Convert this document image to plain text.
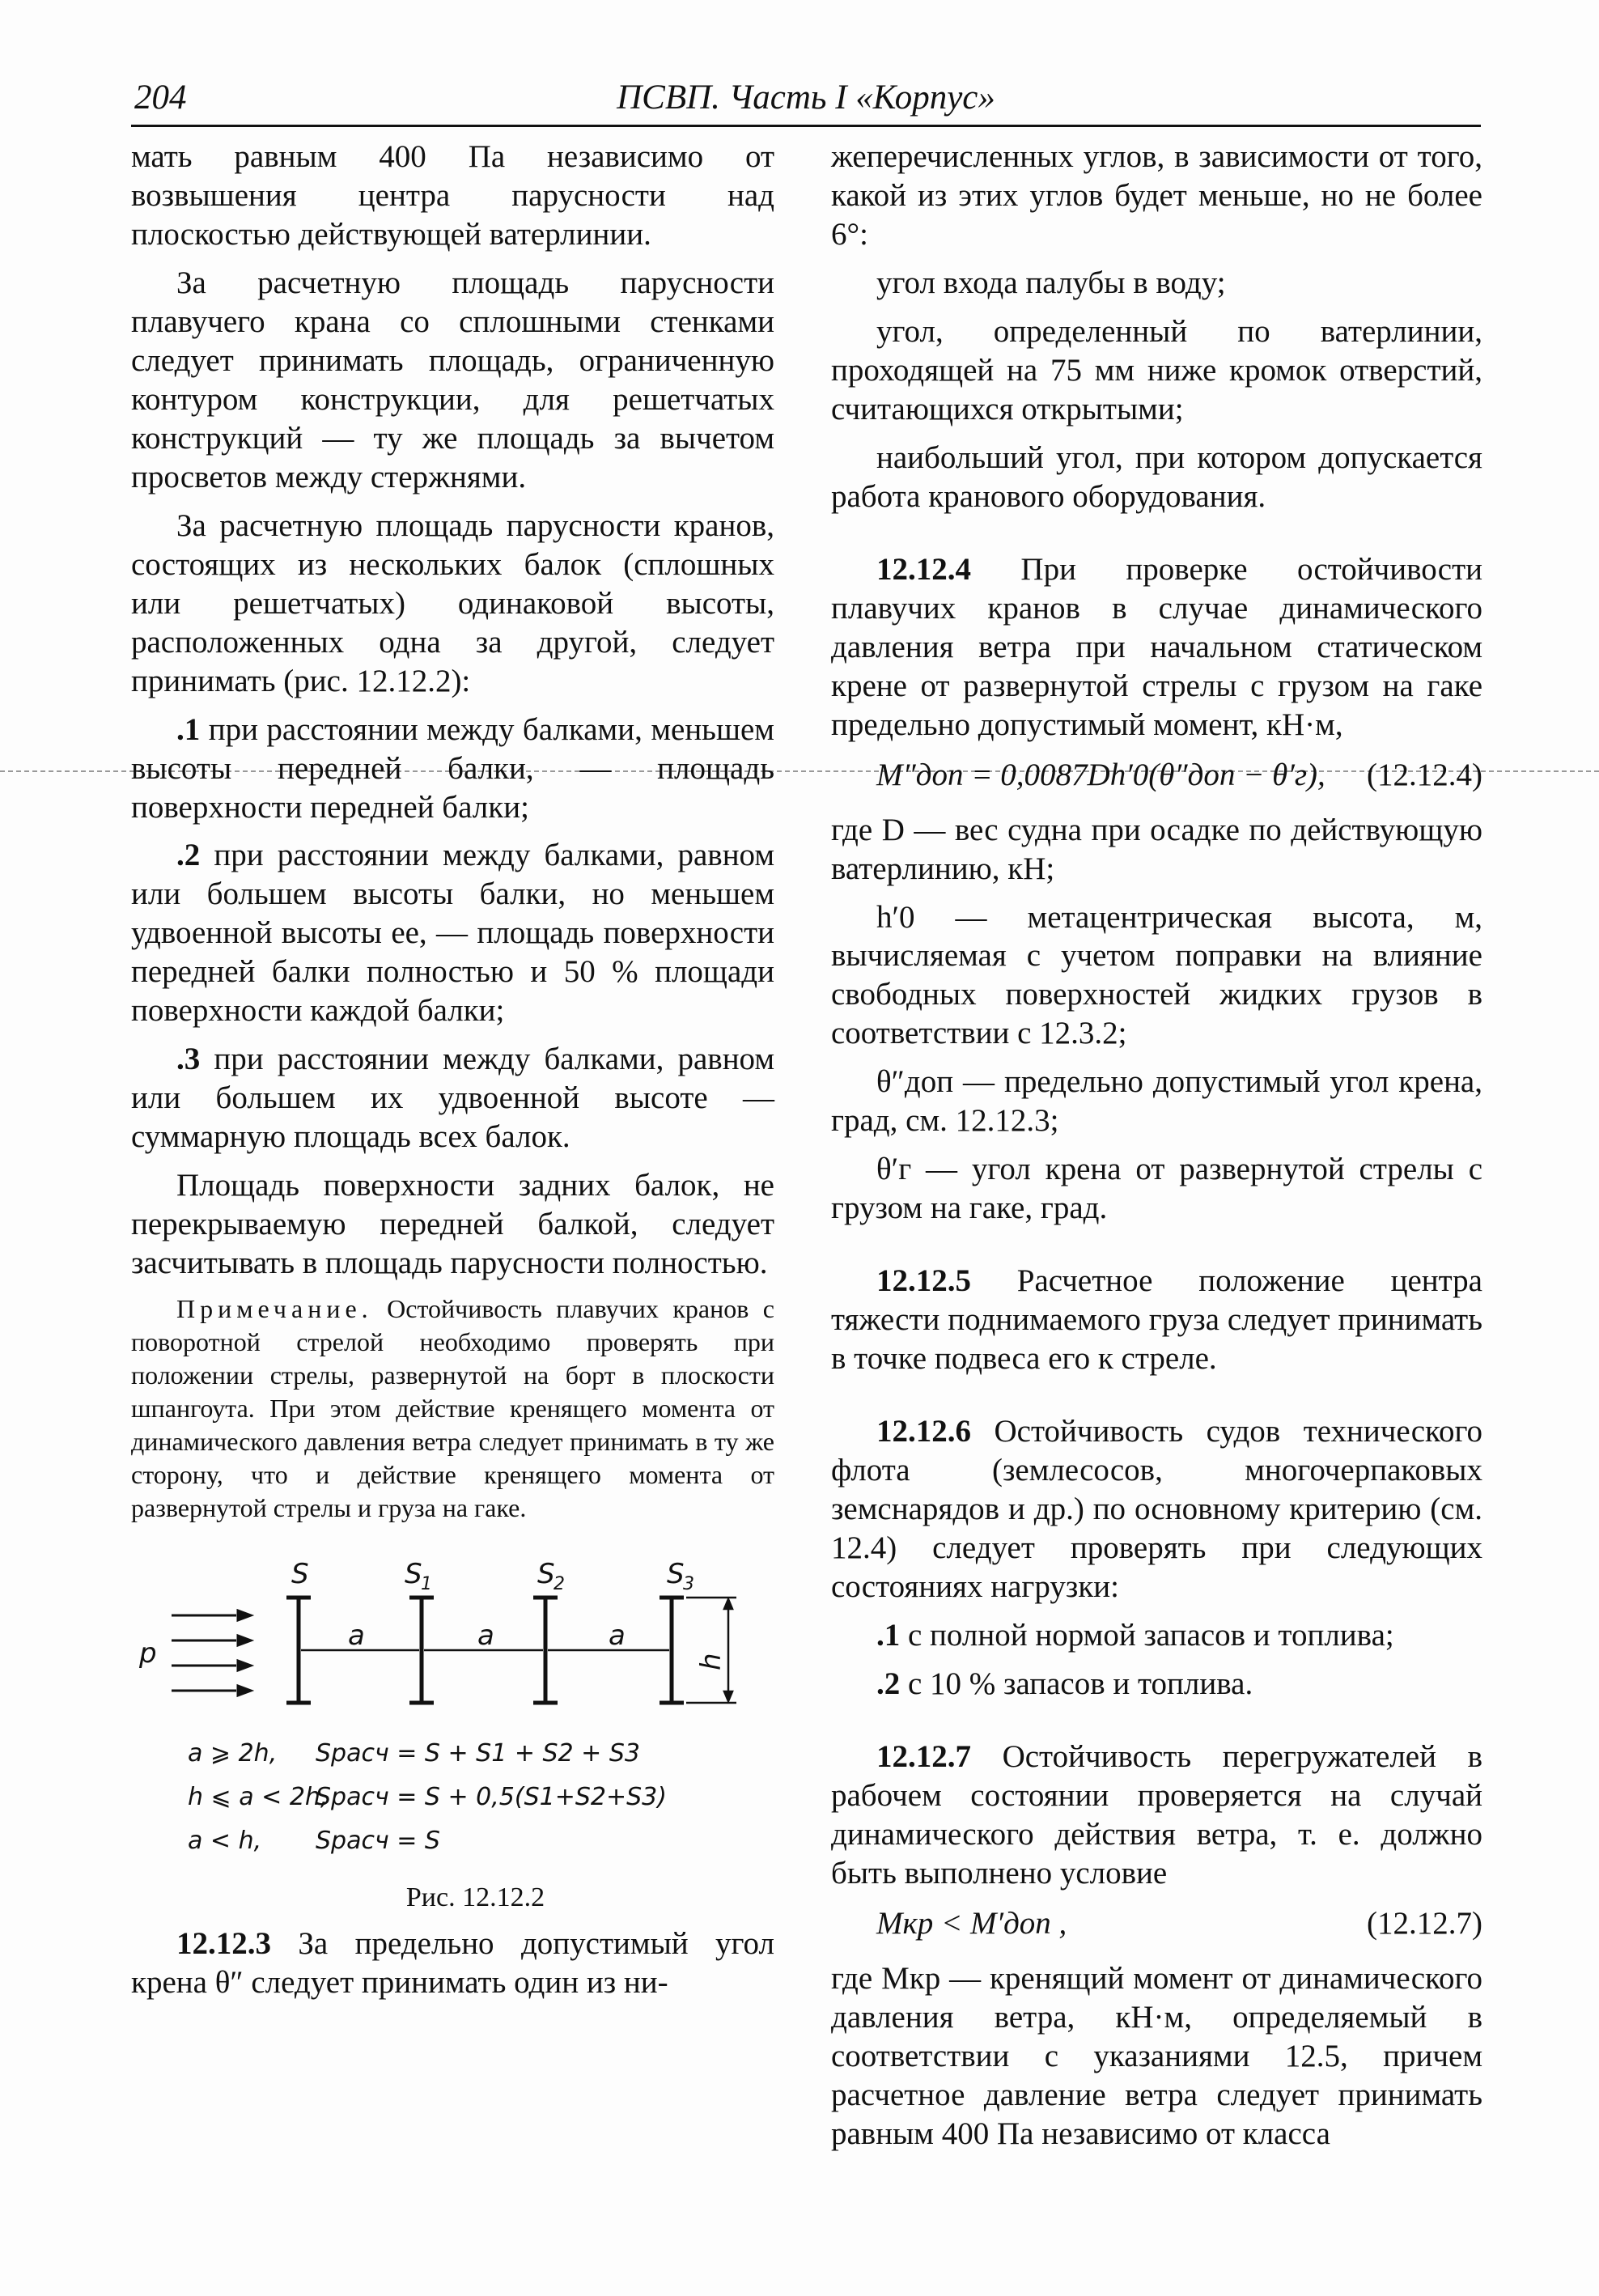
204	ПСВП. Часть I «Корпус»

мать равным 400 Па независимо от возвышения центра парусности над плоскостью действующей ватерлинии.

За расчетную площадь парусности плавучего крана со сплошными стенками следует принимать площадь, ограниченную контуром конструкции, для решетчатых конструкций — ту же площадь за вычетом просветов между стержнями.

За расчетную площадь парусности кранов, состоящих из нескольких балок (сплошных или решетчатых) одинаковой высоты, расположенных одна за другой, следует принимать (рис. 12.12.2):

.1 при расстоянии между балками, меньшем высоты передней балки, — площадь поверхности передней балки;

.2 при расстоянии между балками, равном или большем высоты балки, но меньшем удвоенной высоты ее, — площадь поверхности передней балки полностью и 50 % площади поверхности каждой балки;

.3 при расстоянии между балками, равном или большем их удвоенной высоте — суммарную площадь всех балок.

Площадь поверхности задних балок, не перекрываемую передней балкой, следует засчитывать в площадь парусности полностью.

Примечание. Остойчивость плавучих кранов с поворотной стрелой необходимо проверять при положении стрелы, развернутой на борт в плоскости шпангоута. При этом действие кренящего момента от динамического давления ветра следует принимать в ту же сторону, что и действие кренящего момента от развернутой стрелы и груза на гаке.

S	S
1	S
2	S
3
p
a	a	a
h
a ⩾ 2h, Sрасч = S + S1 + S2 + S3
h ⩽ a < 2h,
Sрасч = S + 0,5(S1+S2+S3)
a < h, Sрасч = S

Рис. 12.12.2

12.12.3 За предельно допустимый угол крена θ″ следует принимать один из ни-

жеперечисленных углов, в зависимости от того, какой из этих углов будет меньше, но не более 6°:

угол входа палубы в воду;

угол, определенный по ватерлинии, проходящей на 75 мм ниже кромок отверстий, считающихся открытыми;

наибольший угол, при котором допускается работа кранового оборудования.

12.12.4 При проверке остойчивости плавучих кранов в случае динамического давления ветра при начальном статическом крене от развернутой стрелы с грузом на гаке предельно допустимый момент, кН·м,

M″доп = 0,0087Dh′0(θ″доп − θ′г), (12.12.4)

где D — вес судна при осадке по действующую ватерлинию, кН;

h′0 — метацентрическая высота, м, вычисляемая с учетом поправки на влияние свободных поверхностей жидких грузов в соответствии с 12.3.2;

θ″доп — предельно допустимый угол крена, град, см. 12.12.3;

θ′г — угол крена от развернутой стрелы с грузом на гаке, град.

12.12.5 Расчетное положение центра тяжести поднимаемого груза следует принимать в точке подвеса его к стреле.

12.12.6 Остойчивость судов технического флота (землесосов, многочерпаковых земснарядов и др.) по основному критерию (см. 12.4) следует проверять при следующих состояниях нагрузки:

.1 с полной нормой запасов и топлива;

.2 с 10 % запасов и топлива.

12.12.7 Остойчивость перегружателей в рабочем состоянии проверяется на случай динамического действия ветра, т. е. должно быть выполнено условие

Mкр < M′доп ,	(12.12.7)

где Mкр — кренящий момент от динамического давления ветра, кН·м, определяемый в соответствии с указаниями 12.5, причем расчетное давление ветра следует принимать равным 400 Па независимо от класса
